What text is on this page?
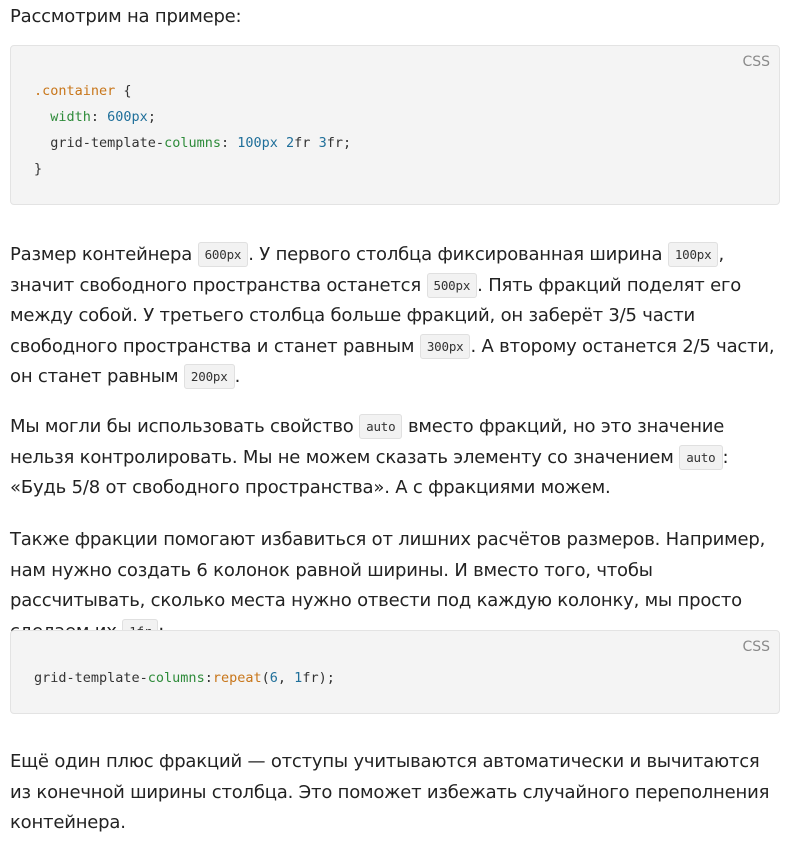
Рассмотрим на примере:

CSS
.container {
width: 600px;
grid-template-columns: 100px 2fr 3fr;
}

Размер контейнера 600px . У первого столбца фиксированная ширина 100px , значит свободного пространства останется 500px . Пять фракций поделят его между собой. У третьего столбца больше фракций, он заберёт 3/5 части свободного пространства и станет равным 300px . А второму останется 2/5 части, он станет равным 200px .

Мы могли бы использовать свойство auto вместо фракций, но это значение нельзя контролировать. Мы не можем сказать элементу со значением auto : «Будь 5/8 от свободного пространства». А с фракциями можем.

Также фракции помогают избавиться от лишних расчётов размеров. Например, нам нужно создать 6 колонок равной ширины. И вместо того, чтобы рассчитывать, сколько места нужно отвести под каждую колонку, мы просто

CSS
grid-template-columns:repeat(6, 1fr);

Ещё один плюс фракций — отступы учитываются автоматически и вычитаются из конечной ширины столбца. Это поможет избежать случайного переполнения контейнера.
